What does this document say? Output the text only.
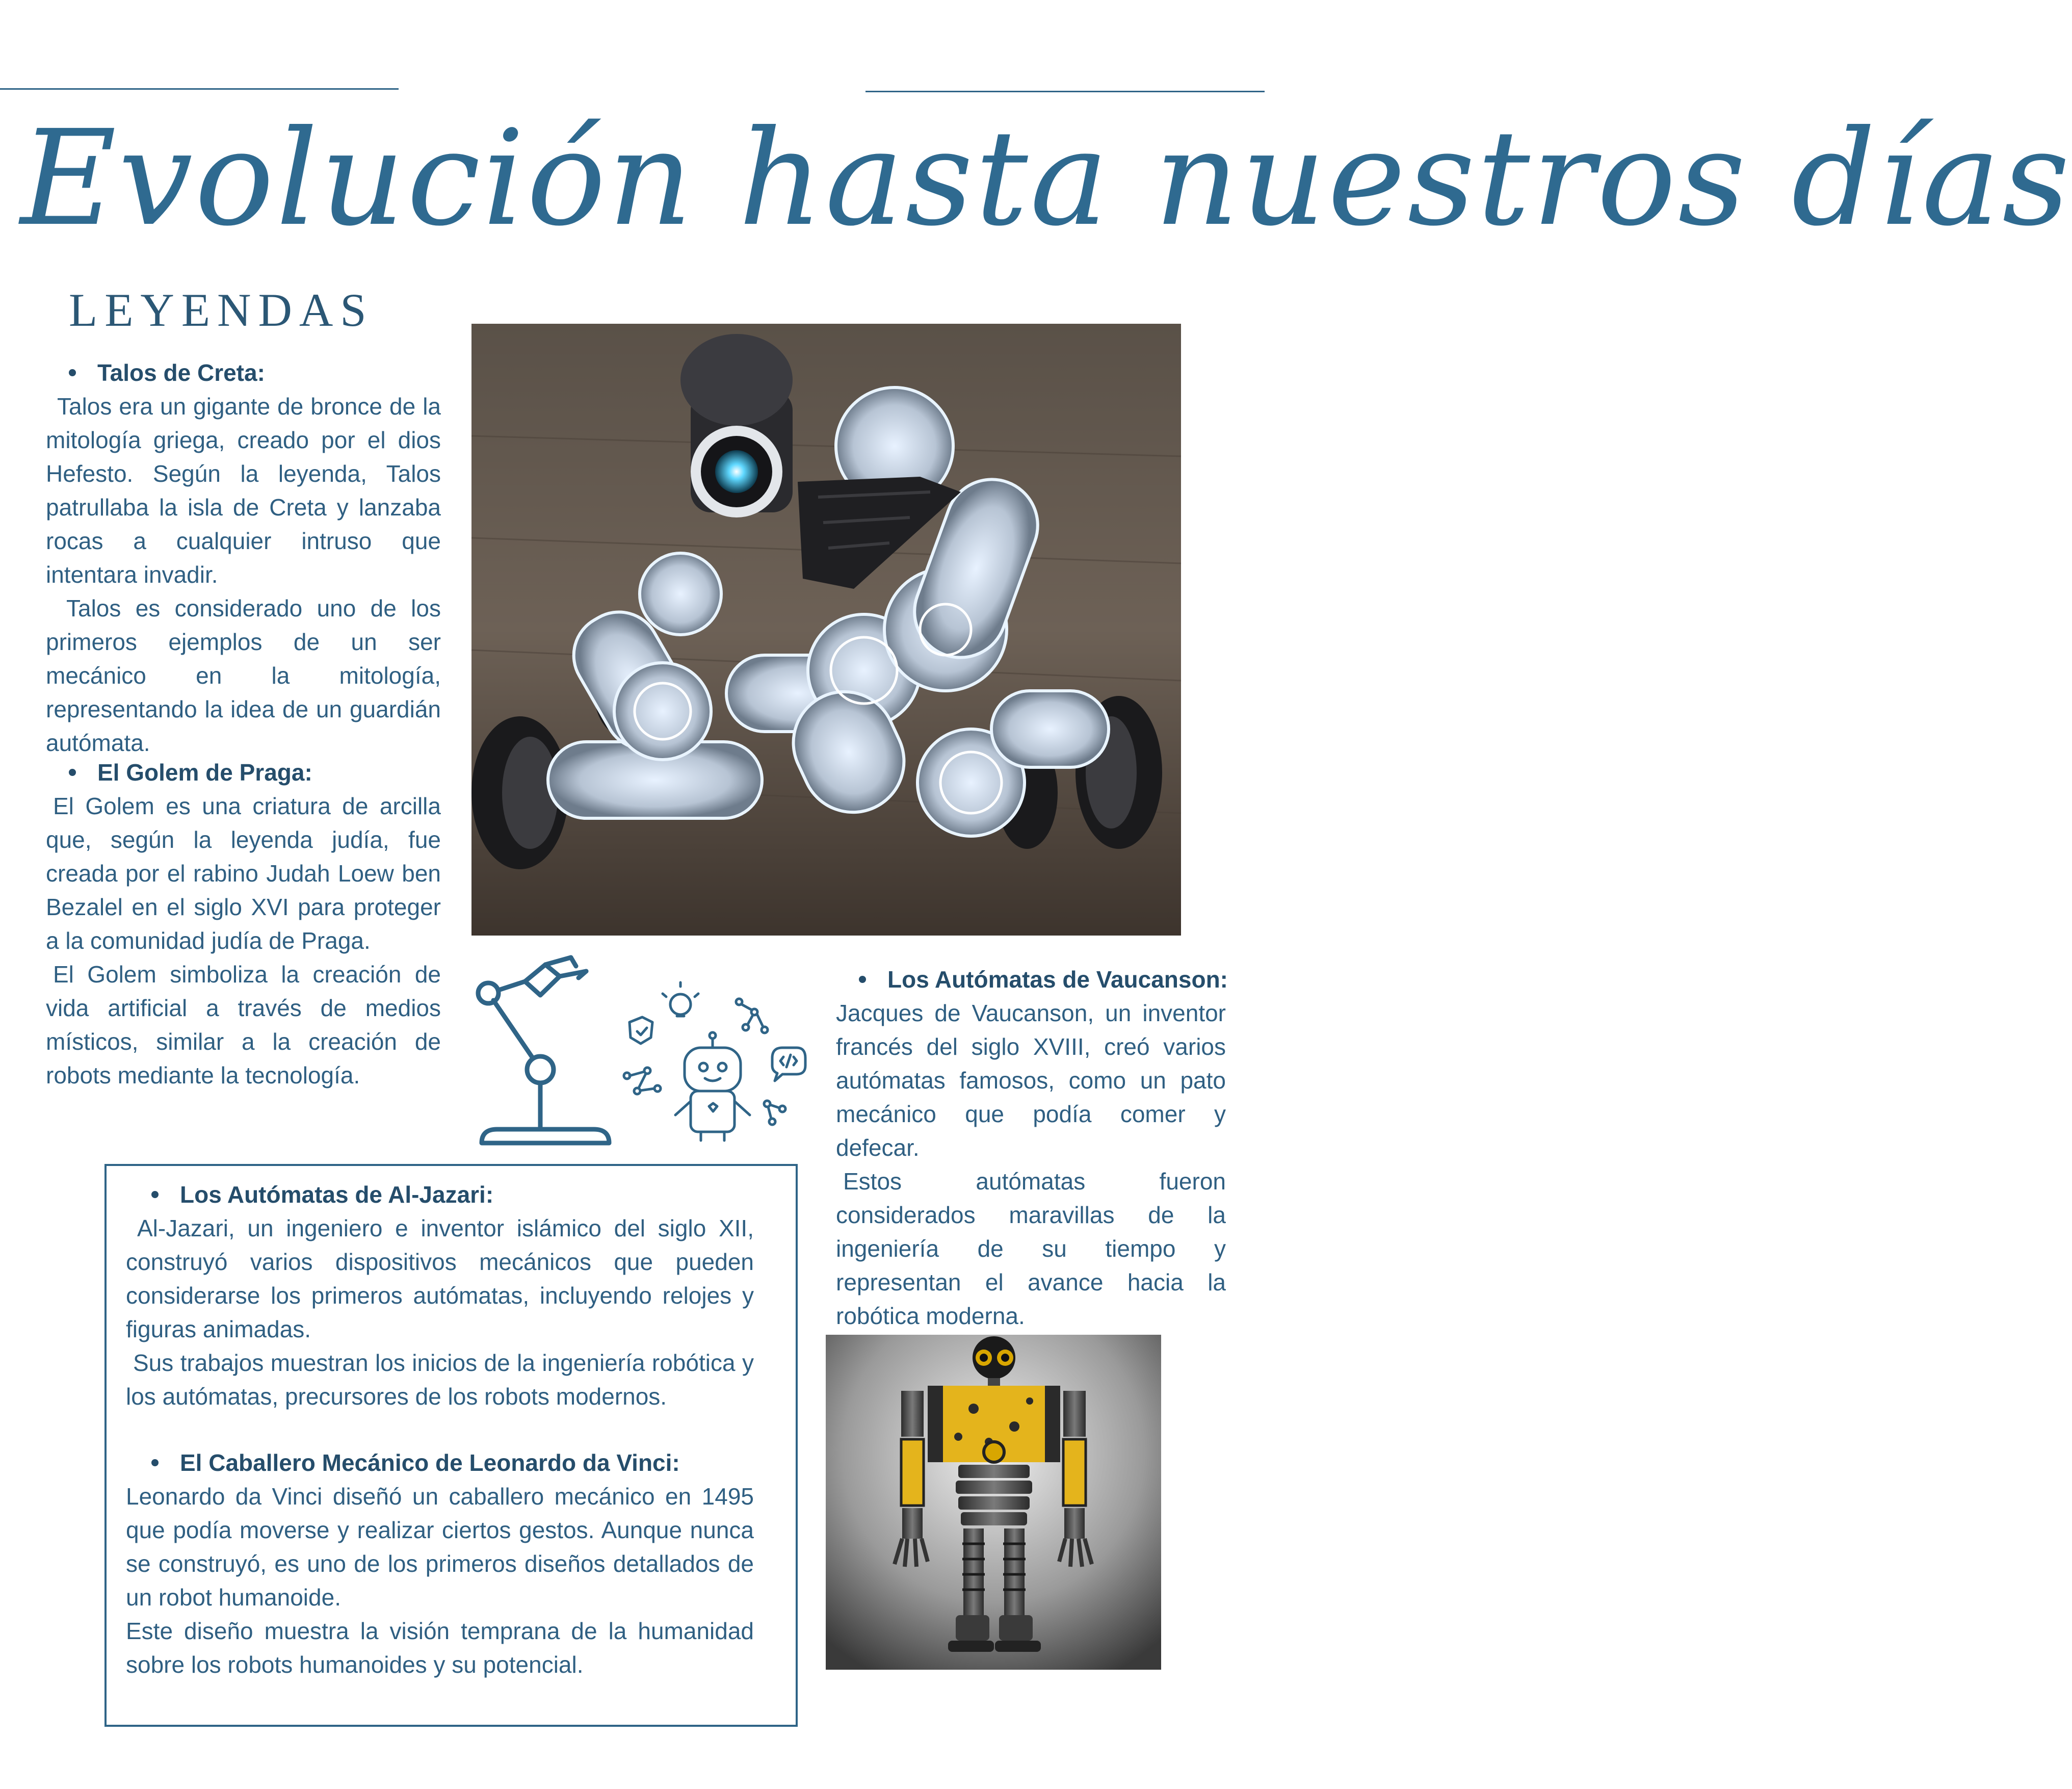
Evolución hasta nuestros días
LEYENDAS
Talos de Creta:

Talos era un gigante de bronce de la mitología griega, creado por el dios Hefesto. Según la leyenda, Talos patrullaba la isla de Creta y lanzaba rocas a cualquier intruso que intentara invadir.

Talos es considerado uno de los primeros ejemplos de un ser mecánico en la mitología, representando la idea de un guardián autómata.

El Golem de Praga:

El Golem es una criatura de arcilla que, según la leyenda judía, fue creada por el rabino Judah Loew ben Bezalel en el siglo XVI para proteger a la comunidad judía de Praga.

El Golem simboliza la creación de vida artificial a través de medios místicos, similar a la creación de robots mediante la tecnología.

Los Autómatas de Vaucanson:

Jacques de Vaucanson, un inventor francés del siglo XVIII, creó varios autómatas famosos, como un pato mecánico que podía comer y defecar.

Estos autómatas fueron considerados maravillas de la ingeniería de su tiempo y representan el avance hacia la robótica moderna.

Los Autómatas de Al-Jazari:

Al-Jazari, un ingeniero e inventor islámico del siglo XII, construyó varios dispositivos mecánicos que pueden considerarse los primeros autómatas, incluyendo relojes y figuras animadas.

Sus trabajos muestran los inicios de la ingeniería robótica y los autómatas, precursores de los robots modernos.

El Caballero Mecánico de Leonardo da Vinci:

Leonardo da Vinci diseñó un caballero mecánico en 1495 que podía moverse y realizar ciertos gestos. Aunque nunca se construyó, es uno de los primeros diseños detallados de un robot humanoide.

Este diseño muestra la visión temprana de la humanidad sobre los robots humanoides y su potencial.
